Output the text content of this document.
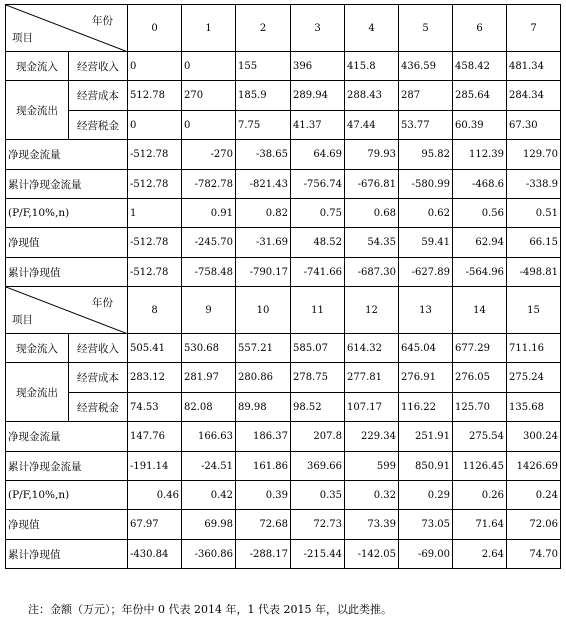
年份
项目		0	1	2	3	4	5	6	7
现金流入	经营收入	0	0	155	396	415.8	436.59	458.42	481.34
现金流出	经营成本	512.78	270	185.9	289.94	288.43	287	285.64	284.34
	经营税金	0	0	7.75	41.37	47.44	53.77	60.39	67.30
净现金流量		-512.78	-270	-38.65	64.69	79.93	95.82	112.39	129.70
累计净现金流量		-512.78	-782.78	-821.43	-756.74	-676.81	-580.99	-468.6	-338.9
(P/F,10%,n)		1	0.91	0.82	0.75	0.68	0.62	0.56	0.51
净现值		-512.78	-245.70	-31.69	48.52	54.35	59.41	62.94	66.15
累计净现值		-512.78	-758.48	-790.17	-741.66	-687.30	-627.89	-564.96	-498.81

年份
项目		8	9	10	11	12	13	14	15
现金流入	经营收入	505.41	530.68	557.21	585.07	614.32	645.04	677.29	711.16
现金流出	经营成本	283.12	281.97	280.86	278.75	277.81	276.91	276.05	275.24
	经营税金	74.53	82.08	89.98	98.52	107.17	116.22	125.70	135.68
净现金流量		147.76	166.63	186.37	207.8	229.34	251.91	275.54	300.24
累计净现金流量		-191.14	-24.51	161.86	369.66	599	850.91	1126.45	1426.69
(P/F,10%,n)		0.46	0.42	0.39	0.35	0.32	0.29	0.26	0.24
净现值		67.97	69.98	72.68	72.73	73.39	73.05	71.64	72.06
累计净现值		-430.84	-360.86	-288.17	-215.44	-142.05	-69.00	2.64	74.70
注：金额（万元）；年份中 0 代表 2014 年，1 代表 2015 年，以此类推。
